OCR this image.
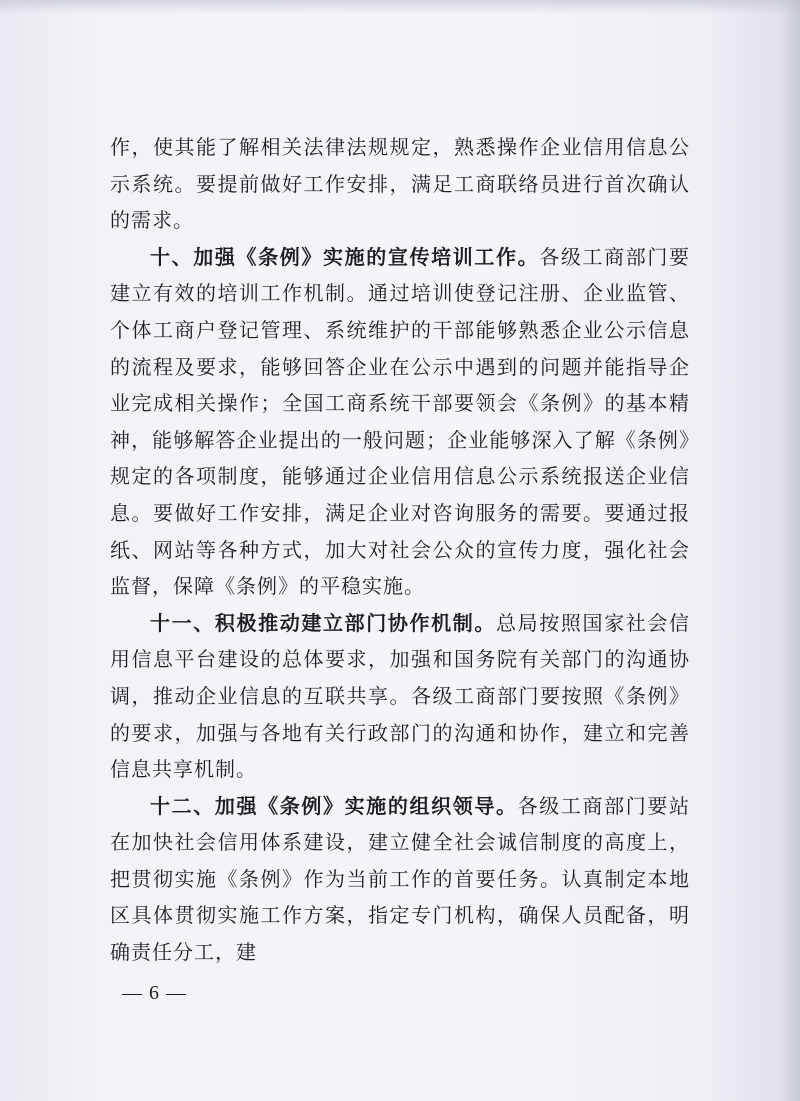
作，使其能了解相关法律法规规定，熟悉操作企业信用信息公示系统。要提前做好工作安排，满足工商联络员进行首次确认的需求。

十、加强《条例》实施的宣传培训工作。各级工商部门要建立有效的培训工作机制。通过培训使登记注册、企业监管、个体工商户登记管理、系统维护的干部能够熟悉企业公示信息的流程及要求，能够回答企业在公示中遇到的问题并能指导企业完成相关操作；全国工商系统干部要领会《条例》的基本精神，能够解答企业提出的一般问题；企业能够深入了解《条例》规定的各项制度，能够通过企业信用信息公示系统报送企业信息。要做好工作安排，满足企业对咨询服务的需要。要通过报纸、网站等各种方式，加大对社会公众的宣传力度，强化社会监督，保障《条例》的平稳实施。

十一、积极推动建立部门协作机制。总局按照国家社会信用信息平台建设的总体要求，加强和国务院有关部门的沟通协调，推动企业信息的互联共享。各级工商部门要按照《条例》的要求，加强与各地有关行政部门的沟通和协作，建立和完善信息共享机制。

十二、加强《条例》实施的组织领导。各级工商部门要站在加快社会信用体系建设，建立健全社会诚信制度的高度上，把贯彻实施《条例》作为当前工作的首要任务。认真制定本地区具体贯彻实施工作方案，指定专门机构，确保人员配备，明确责任分工，建

— 6 —
